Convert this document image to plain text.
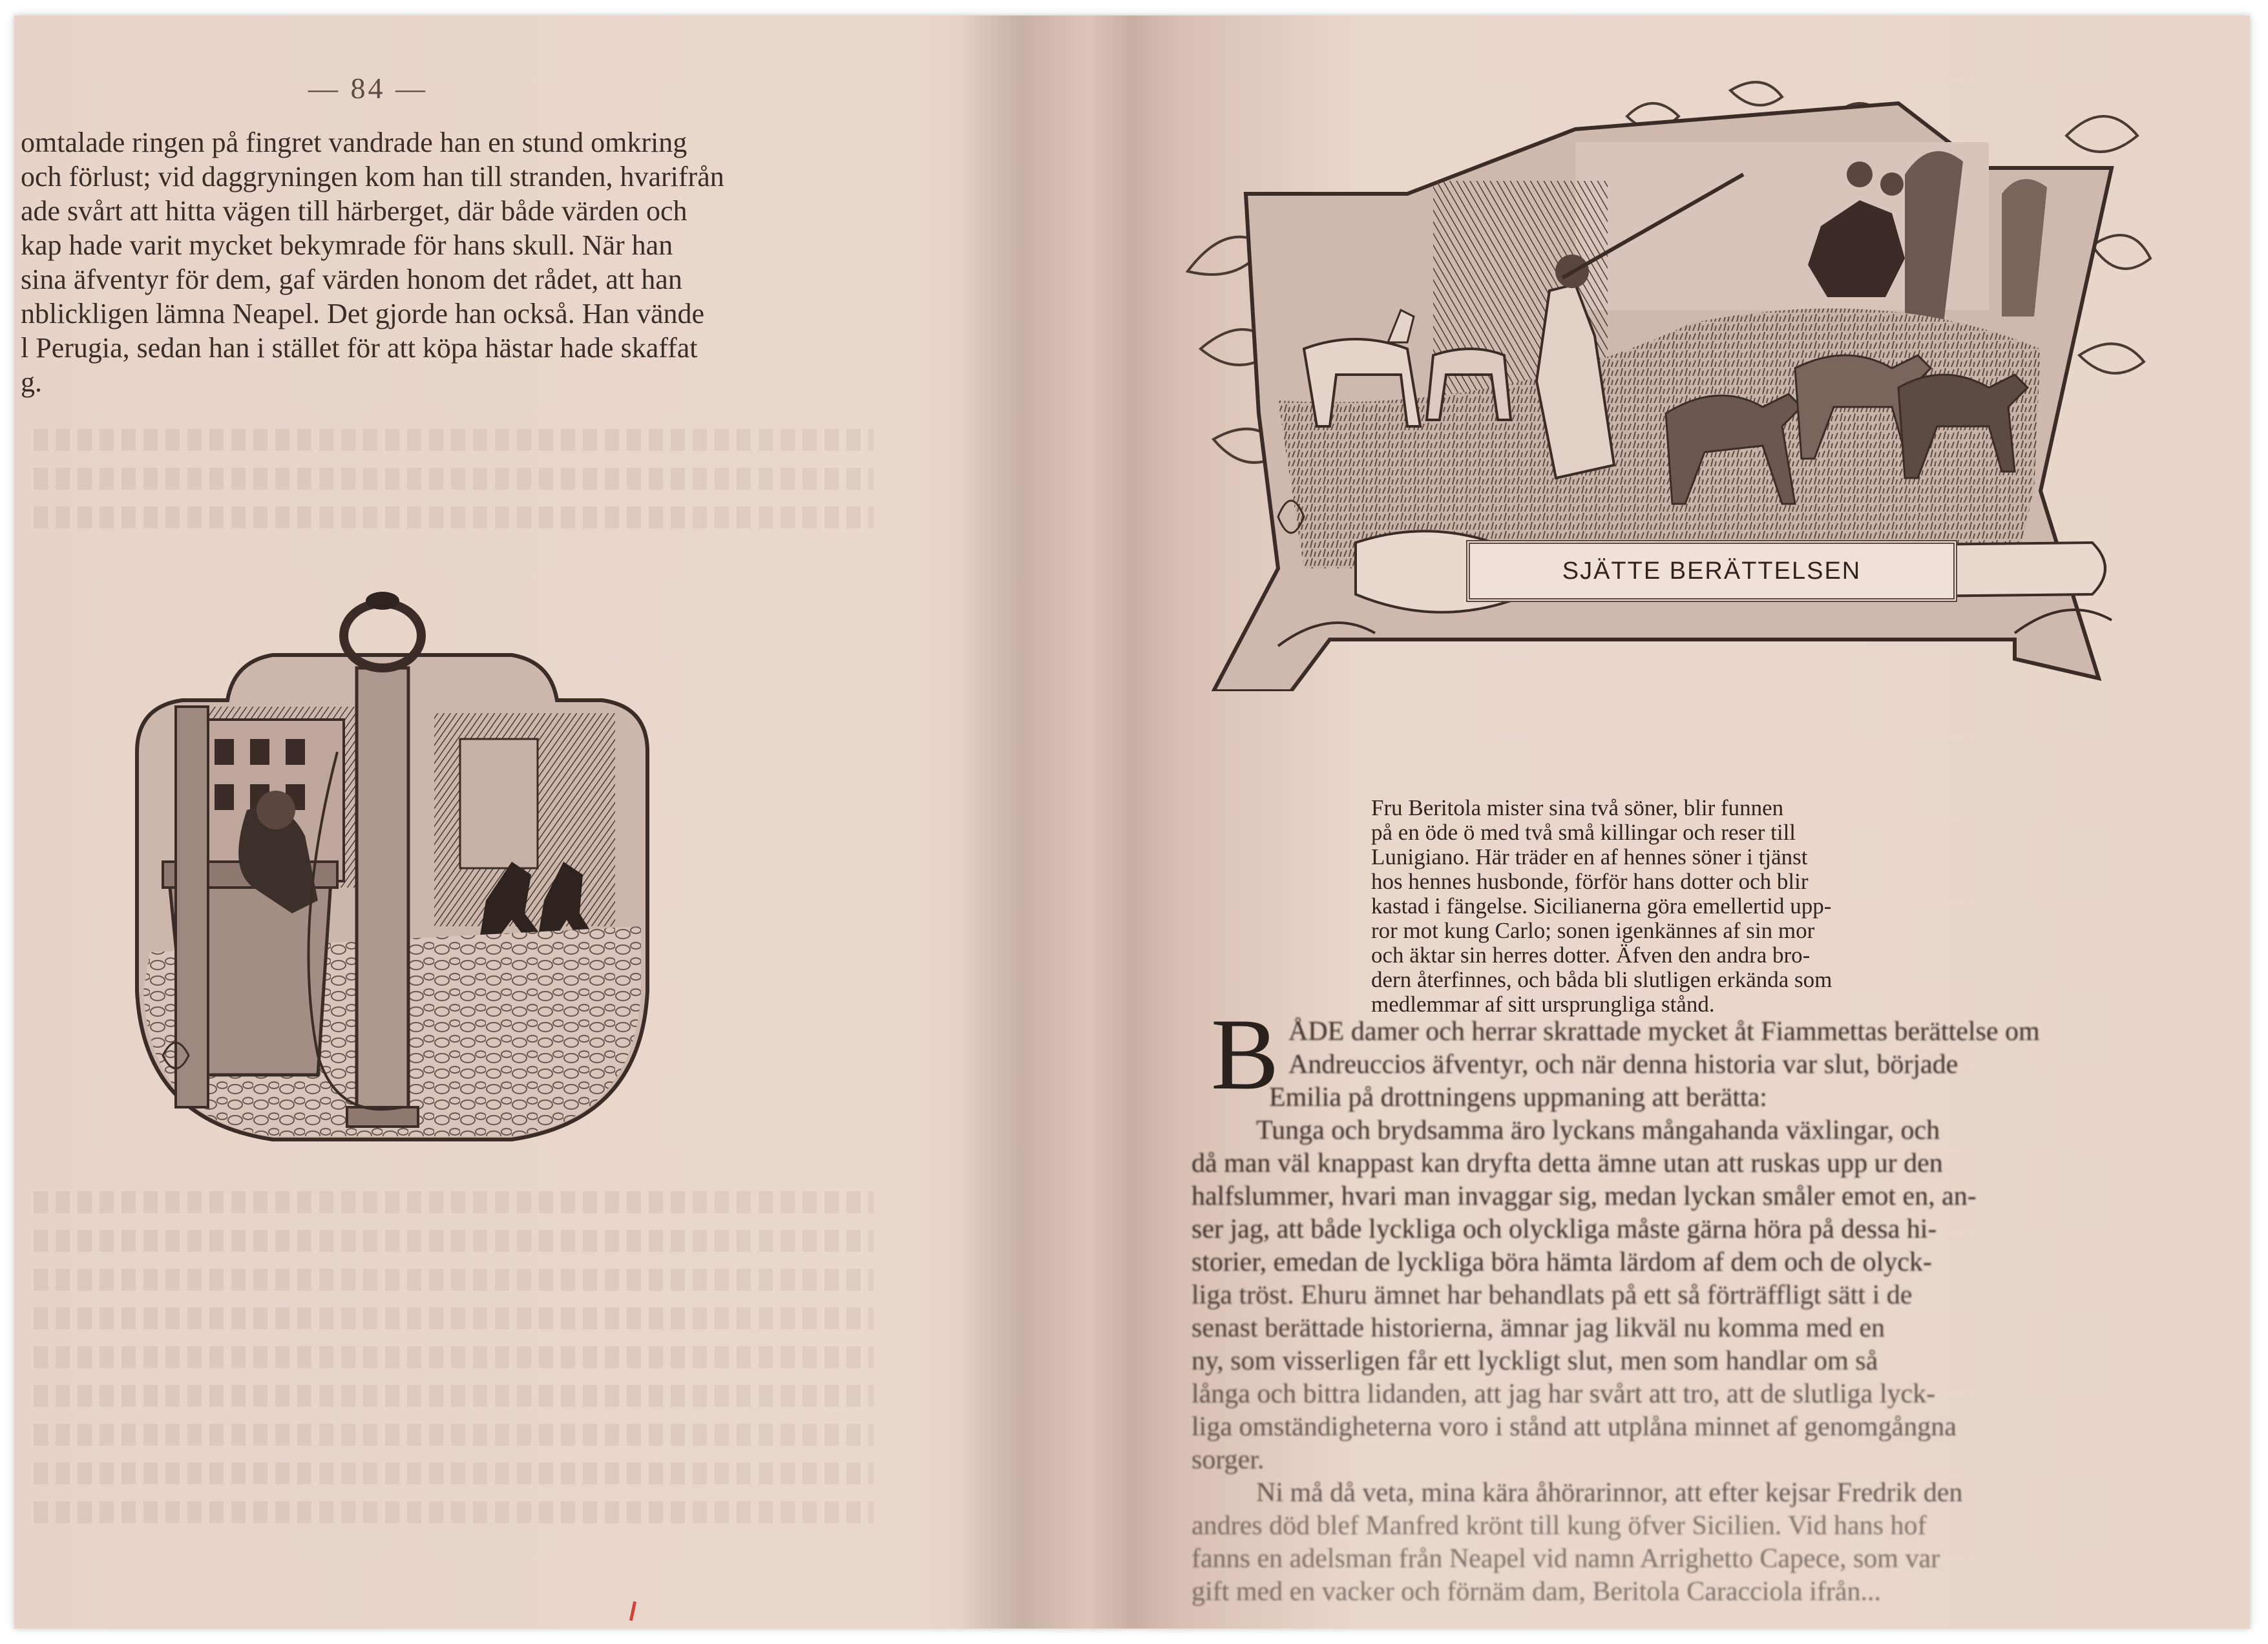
— 84 —

omtalade ringen på fingret vandrade han en stund omkring
och förlust; vid daggryningen kom han till stranden, hvarifrån
ade svårt att hitta vägen till härberget, där både värden och
kap hade varit mycket bekymrade för hans skull. När han
sina äfventyr för dem, gaf värden honom det rådet, att han
nblickligen lämna Neapel. Det gjorde han också. Han vände
l Perugia, sedan han i stället för att köpa hästar hade skaffat
g.

SJÄTTE BERÄTTELSEN

Fru Beritola mister sina två söner, blir funnen
på en öde ö med två små killingar och reser till
Lunigiano. Här träder en af hennes söner i tjänst
hos hennes husbonde, förför hans dotter och blir
kastad i fängelse. Sicilianerna göra emellertid upp-
ror mot kung Carlo; sonen igenkännes af sin mor
och äktar sin herres dotter. Äfven den andra bro-
dern återfinnes, och båda bli slutligen erkända som
medlemmar af sitt ursprungliga stånd.

B ÅDE damer och herrar skrattade mycket åt Fiammettas berättelse om
Andreuccios äfventyr, och när denna historia var slut, började
Emilia på drottningens uppmaning att berätta:
Tunga och brydsamma äro lyckans mångahanda växlingar, och
då man väl knappast kan dryfta detta ämne utan att ruskas upp ur den
halfslummer, hvari man invaggar sig, medan lyckan småler emot en, an-
ser jag, att både lyckliga och olyckliga måste gärna höra på dessa hi-
storier, emedan de lyckliga böra hämta lärdom af dem och de olyck-
liga tröst. Ehuru ämnet har behandlats på ett så förträffligt sätt i de
senast berättade historierna, ämnar jag likväl nu komma med en
ny, som visserligen får ett lyckligt slut, men som handlar om så
långa och bittra lidanden, att jag har svårt att tro, att de slutliga lyck-
liga omständigheterna voro i stånd att utplåna minnet af genomgångna
sorger.
Ni må då veta, mina kära åhörarinnor, att efter kejsar Fredrik den
andres död blef Manfred krönt till kung öfver Sicilien. Vid hans hof
fanns en adelsman från Neapel vid namn Arrighetto Capece, som var
gift med en vacker och förnäm dam, Beritola Caracciola ifrån...
